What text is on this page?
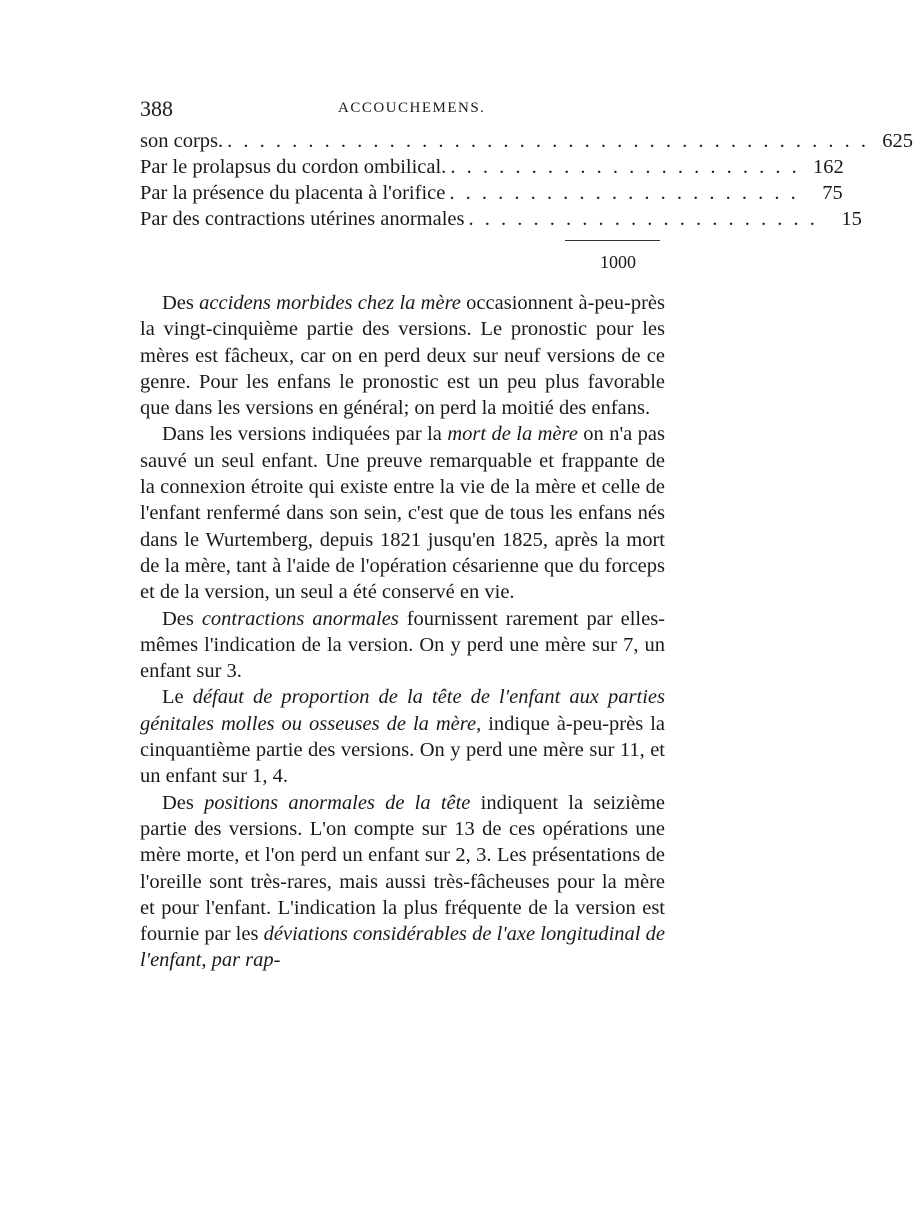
388	ACCOUCHEMENS.
son corps. . . . . . . . . . . . . . . . . . . . . . . . . . . . . . . . . . . . . . . . . 625
Par le prolapsus du cordon ombilical. . . . . . . . . . . . . . . . . . . . . . . 162
Par la présence du placenta à l'orifice . . . . . . . . . . . . . . . . . . . . . .	75
Par des contractions utérines anormales . . . . . . . . . . . . . . . . . . . . . .	15
1000

Des accidens morbides chez la mère occasionnent à-peu-près la vingt-cinquième partie des versions. Le pronostic pour les mères est fâcheux, car on en perd deux sur neuf versions de ce genre. Pour les enfans le pronostic est un peu plus favorable que dans les versions en général; on perd la moitié des enfans.

Dans les versions indiquées par la mort de la mère on n'a pas sauvé un seul enfant. Une preuve remarquable et frappante de la connexion étroite qui existe entre la vie de la mère et celle de l'enfant renfermé dans son sein, c'est que de tous les enfans nés dans le Wurtemberg, depuis 1821 jusqu'en 1825, après la mort de la mère, tant à l'aide de l'opération césarienne que du forceps et de la version, un seul a été conservé en vie.

Des contractions anormales fournissent rarement par elles-mêmes l'indication de la version. On y perd une mère sur 7, un enfant sur 3.

Le défaut de proportion de la tête de l'enfant aux parties génitales molles ou osseuses de la mère, indique à-peu-près la cinquantième partie des versions. On y perd une mère sur 11, et un enfant sur 1, 4.

Des positions anormales de la tête indiquent la seizième partie des versions. L'on compte sur 13 de ces opérations une mère morte, et l'on perd un enfant sur 2, 3. Les présentations de l'oreille sont très-rares, mais aussi très-fâcheuses pour la mère et pour l'enfant. L'indication la plus fréquente de la version est fournie par les déviations considérables de l'axe longitudinal de l'enfant, par rap-
